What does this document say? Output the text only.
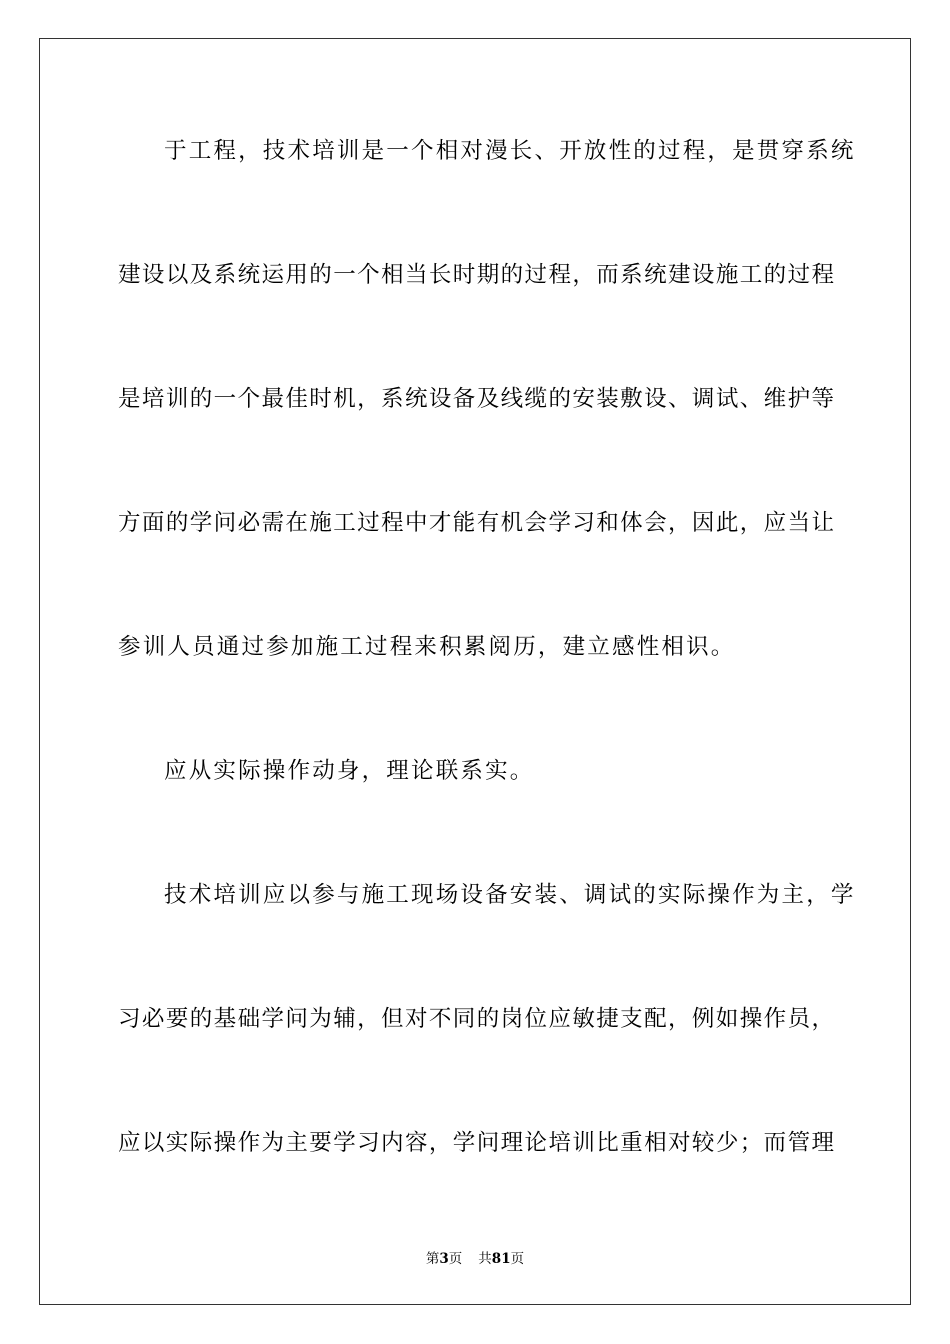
于工程，技术培训是一个相对漫长、开放性的过程，是贯穿系统
建设以及系统运用的一个相当长时期的过程，而系统建设施工的过程
是培训的一个最佳时机，系统设备及线缆的安装敷设、调试、维护等
方面的学问必需在施工过程中才能有机会学习和体会，因此，应当让
参训人员通过参加施工过程来积累阅历，建立感性相识。
应从实际操作动身，理论联系实。
技术培训应以参与施工现场设备安装、调试的实际操作为主，学
习必要的基础学问为辅，但对不同的岗位应敏捷支配，例如操作员，
应以实际操作为主要学习内容，学问理论培训比重相对较少；而管理
第3页 共81页
